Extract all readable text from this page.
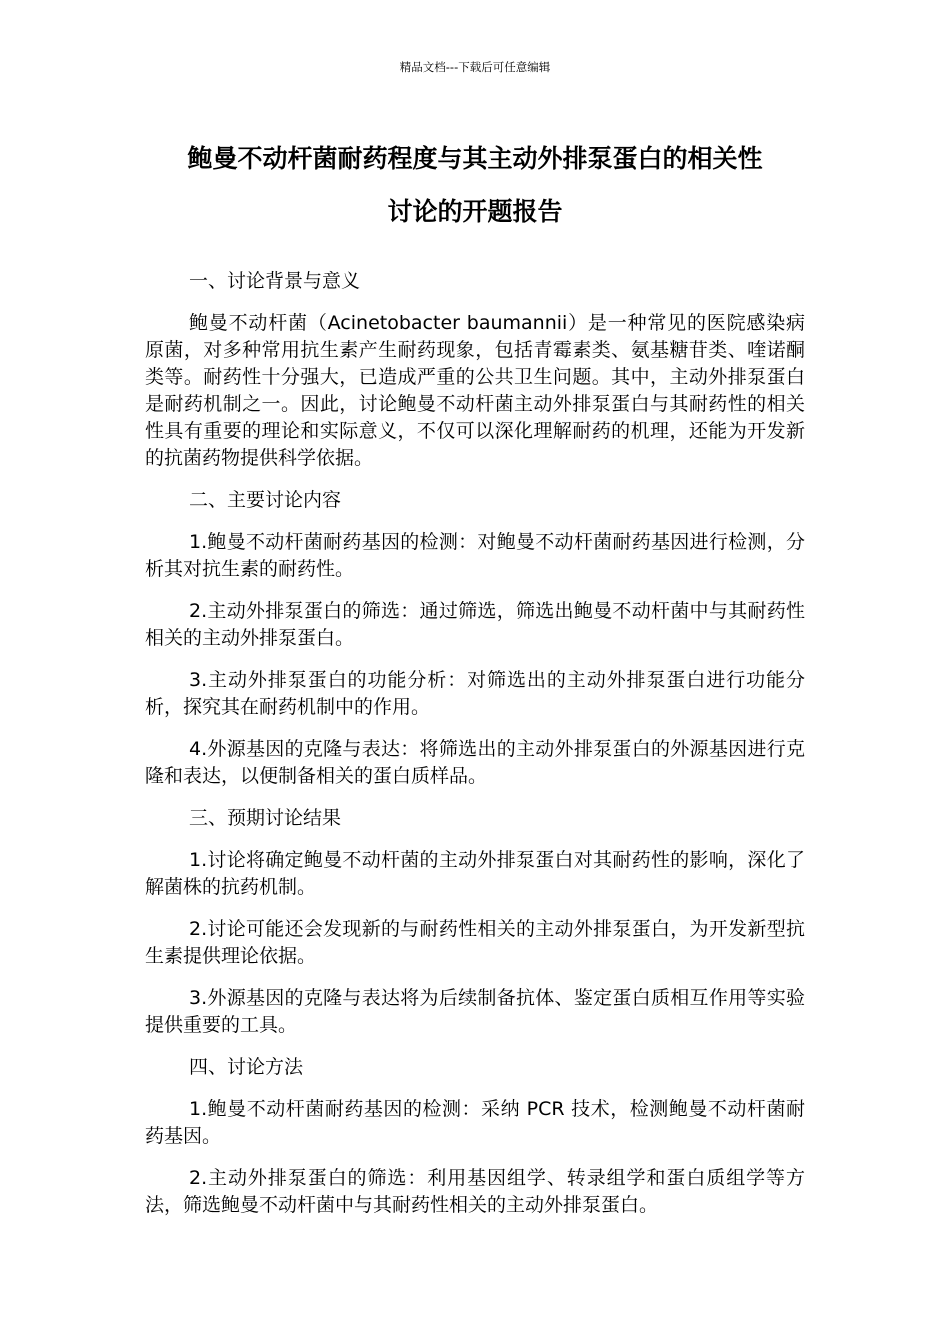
精品文档---下载后可任意编辑
鲍曼不动杆菌耐药程度与其主动外排泵蛋白的相关性
讨论的开题报告

一、讨论背景与意义

鲍曼不动杆菌（Acinetobacter baumannii）是一种常见的医院感染病原菌，对多种常用抗生素产生耐药现象，包括青霉素类、氨基糖苷类、喹诺酮类等。耐药性十分强大，已造成严重的公共卫生问题。其中，主动外排泵蛋白是耐药机制之一。因此，讨论鲍曼不动杆菌主动外排泵蛋白与其耐药性的相关性具有重要的理论和实际意义，不仅可以深化理解耐药的机理，还能为开发新的抗菌药物提供科学依据。

二、主要讨论内容

1.鲍曼不动杆菌耐药基因的检测：对鲍曼不动杆菌耐药基因进行检测，分析其对抗生素的耐药性。

2.主动外排泵蛋白的筛选：通过筛选，筛选出鲍曼不动杆菌中与其耐药性相关的主动外排泵蛋白。

3.主动外排泵蛋白的功能分析：对筛选出的主动外排泵蛋白进行功能分析，探究其在耐药机制中的作用。

4.外源基因的克隆与表达：将筛选出的主动外排泵蛋白的外源基因进行克隆和表达，以便制备相关的蛋白质样品。

三、预期讨论结果

1.讨论将确定鲍曼不动杆菌的主动外排泵蛋白对其耐药性的影响，深化了解菌株的抗药机制。

2.讨论可能还会发现新的与耐药性相关的主动外排泵蛋白，为开发新型抗生素提供理论依据。

3.外源基因的克隆与表达将为后续制备抗体、鉴定蛋白质相互作用等实验提供重要的工具。

四、讨论方法

1.鲍曼不动杆菌耐药基因的检测：采纳 PCR 技术，检测鲍曼不动杆菌耐药基因。

2.主动外排泵蛋白的筛选：利用基因组学、转录组学和蛋白质组学等方法，筛选鲍曼不动杆菌中与其耐药性相关的主动外排泵蛋白。
